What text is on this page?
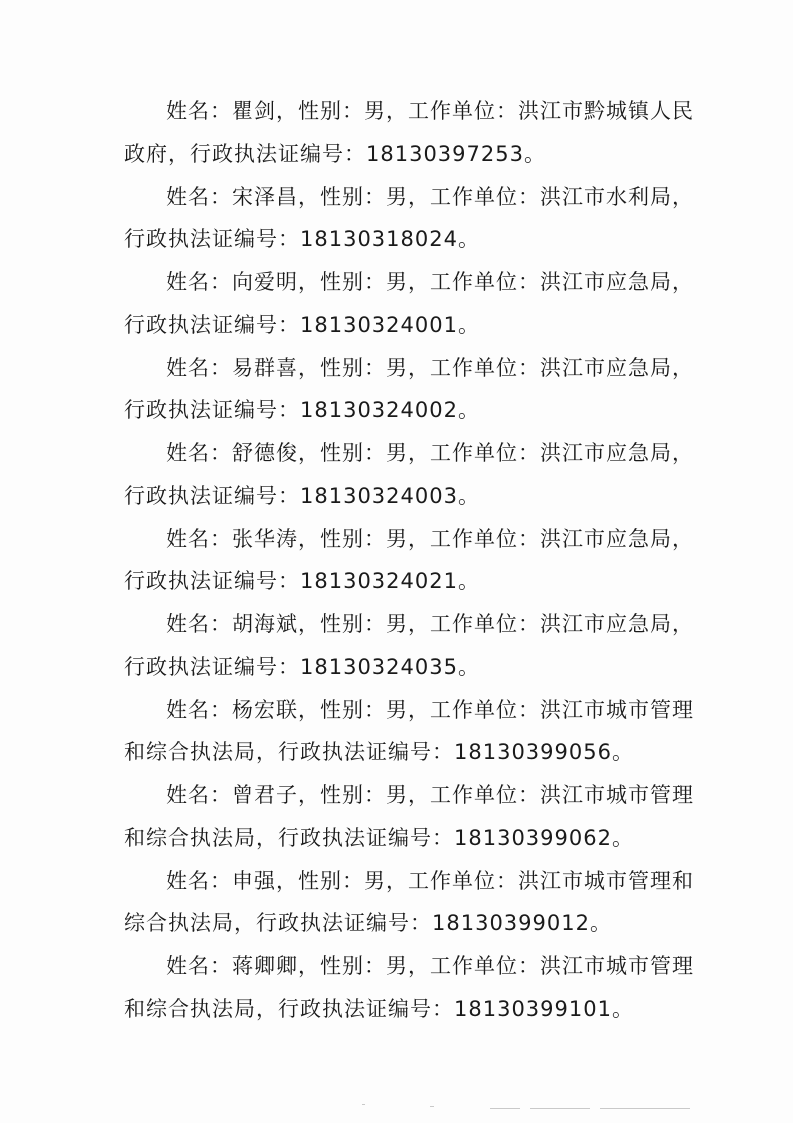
姓名：瞿剑，性别：男，工作单位：洪江市黔城镇人民
政府，行政执法证编号：18130397253。

姓名：宋泽昌，性别：男，工作单位：洪江市水利局，
行政执法证编号：18130318024。

姓名：向爱明，性别：男，工作单位：洪江市应急局，
行政执法证编号：18130324001。

姓名：易群喜，性别：男，工作单位：洪江市应急局，
行政执法证编号：18130324002。

姓名：舒德俊，性别：男，工作单位：洪江市应急局，
行政执法证编号：18130324003。

姓名：张华涛，性别：男，工作单位：洪江市应急局，
行政执法证编号：18130324021。

姓名：胡海斌，性别：男，工作单位：洪江市应急局，
行政执法证编号：18130324035。

姓名：杨宏联，性别：男，工作单位：洪江市城市管理
和综合执法局，行政执法证编号：18130399056。

姓名：曾君子，性别：男，工作单位：洪江市城市管理
和综合执法局，行政执法证编号：18130399062。

姓名：申强，性别：男，工作单位：洪江市城市管理和
综合执法局，行政执法证编号：18130399012。

姓名：蒋卿卿，性别：男，工作单位：洪江市城市管理
和综合执法局，行政执法证编号：18130399101。
